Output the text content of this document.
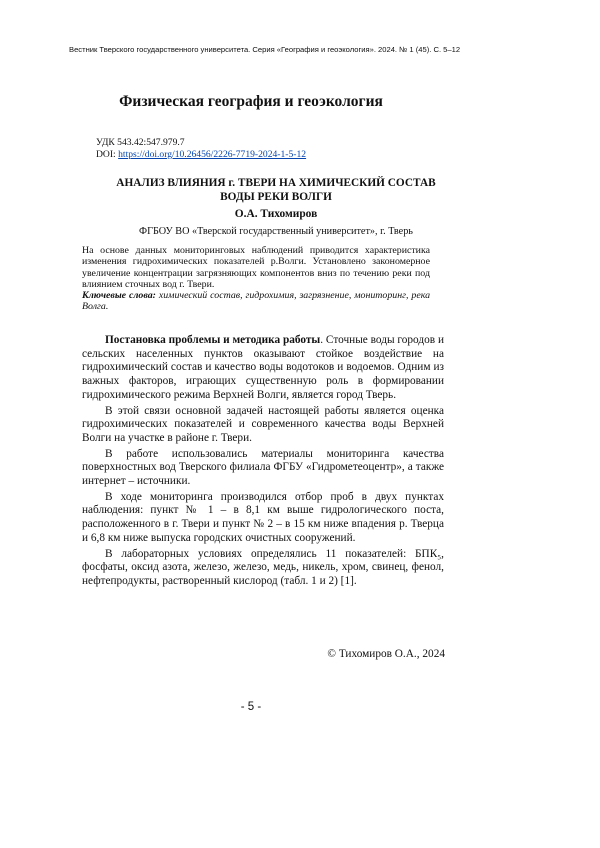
Вестник Тверского государственного университета. Серия «География и геоэкология». 2024. № 1 (45). С. 5–12
Физическая география и геоэкология
УДК 543.42:547.979.7
DOI: https://doi.org/10.26456/2226-7719-2024-1-5-12
АНАЛИЗ ВЛИЯНИЯ г. ТВЕРИ НА ХИМИЧЕСКИЙ СОСТАВ
ВОДЫ РЕКИ ВОЛГИ
О.А. Тихомиров
ФГБОУ ВО «Тверской государственный университет», г. Тверь

На основе данных мониторинговых наблюдений приводится характеристика изменения гидрохимических показателей р.Волги. Установлено закономерное увеличение концентрации загрязняющих компонентов вниз по течению реки под влиянием сточных вод г. Твери.

Ключевые слова: химический состав, гидрохимия, загрязнение, мониторинг, река Волга.

Постановка проблемы и методика работы. Сточные воды городов и сельских населенных пунктов оказывают стойкое воздействие на гидрохимический состав и качество воды водотоков и водоемов. Одним из важных факторов, играющих существенную роль в формировании гидрохимического режима Верхней Волги, является город Тверь.

В этой связи основной задачей настоящей работы является оценка гидрохимических показателей и современного качества воды Верхней Волги на участке в районе г. Твери.

В работе использовались материалы мониторинга качества поверхностных вод Тверского филиала ФГБУ «Гидрометеоцентр», а также интернет – источники.

В ходе мониторинга производился отбор проб в двух пунктах наблюдения: пункт № 1 – в 8,1 км выше гидрологического поста, расположенного в г. Твери и пункт № 2 – в 15 км ниже впадения р. Тверца и 6,8 км ниже выпуска городских очистных сооружений.

В лабораторных условиях определялись 11 показателей: БПК₅, фосфаты, оксид азота, железо, железо, медь, никель, хром, свинец, фенол, нефтепродукты, растворенный кислород (табл. 1 и 2) [1].

© Тихомиров О.А., 2024
- 5 -
